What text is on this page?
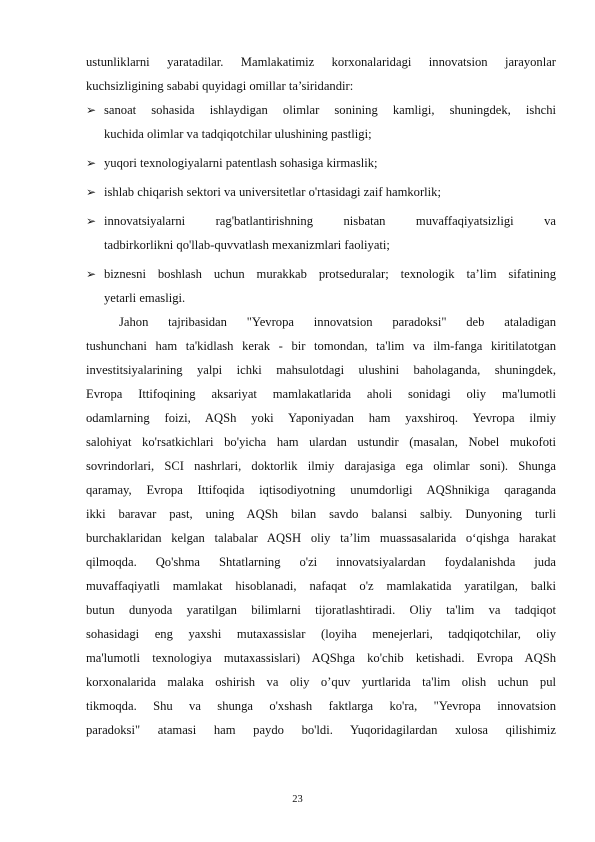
ustunliklarni yaratadilar. Mamlakatimiz korxonalaridagi innovatsion jarayonlar
kuchsizligining sababi quyidagi omillar ta’siridandir:
➢ sanoat sohasida ishlaydigan olimlar sonining kamligi, shuningdek, ishchi
kuchida olimlar va tadqiqotchilar ulushining pastligi;
➢ yuqori texnologiyalarni patentlash sohasiga kirmaslik;
➢ ishlab chiqarish sektori va universitetlar o'rtasidagi zaif hamkorlik;
➢ innovatsiyalarni rag'batlantirishning nisbatan muvaffaqiyatsizligi va
tadbirkorlikni qo'llab-quvvatlash mexanizmlari faoliyati;
➢ biznesni boshlash uchun murakkab protseduralar; texnologik ta’lim sifatining
yetarli emasligi.
Jahon tajribasidan "Yevropa innovatsion paradoksi" deb ataladigan
tushunchani ham ta'kidlash kerak - bir tomondan, ta'lim va ilm-fanga kiritilatotgan
investitsiyalarining yalpi ichki mahsulotdagi ulushini baholaganda, shuningdek,
Evropa Ittifoqining aksariyat mamlakatlarida aholi sonidagi oliy ma'lumotli
odamlarning foizi, AQSh yoki Yaponiyadan ham yaxshiroq. Yevropa ilmiy
salohiyat ko'rsatkichlari bo'yicha ham ulardan ustundir (masalan, Nobel mukofoti
sovrindorlari, SCI nashrlari, doktorlik ilmiy darajasiga ega olimlar soni). Shunga
qaramay, Evropa Ittifoqida iqtisodiyotning unumdorligi AQShnikiga qaraganda
ikki baravar past, uning AQSh bilan savdo balansi salbiy. Dunyoning turli
burchaklaridan kelgan talabalar AQSH oliy ta’lim muassasalarida o‘qishga harakat
qilmoqda. Qo'shma Shtatlarning o'zi innovatsiyalardan foydalanishda juda
muvaffaqiyatli mamlakat hisoblanadi, nafaqat o'z mamlakatida yaratilgan, balki
butun dunyoda yaratilgan bilimlarni tijoratlashtiradi. Oliy ta'lim va tadqiqot
sohasidagi eng yaxshi mutaxassislar (loyiha menejerlari, tadqiqotchilar, oliy
ma'lumotli texnologiya mutaxassislari) AQShga ko'chib ketishadi. Evropa AQSh
korxonalarida malaka oshirish va oliy o’quv yurtlarida ta'lim olish uchun pul
tikmoqda. Shu va shunga o'xshash faktlarga ko'ra, "Yevropa innovatsion
paradoksi" atamasi ham paydo bo'ldi. Yuqoridagilardan xulosa qilishimiz
23
